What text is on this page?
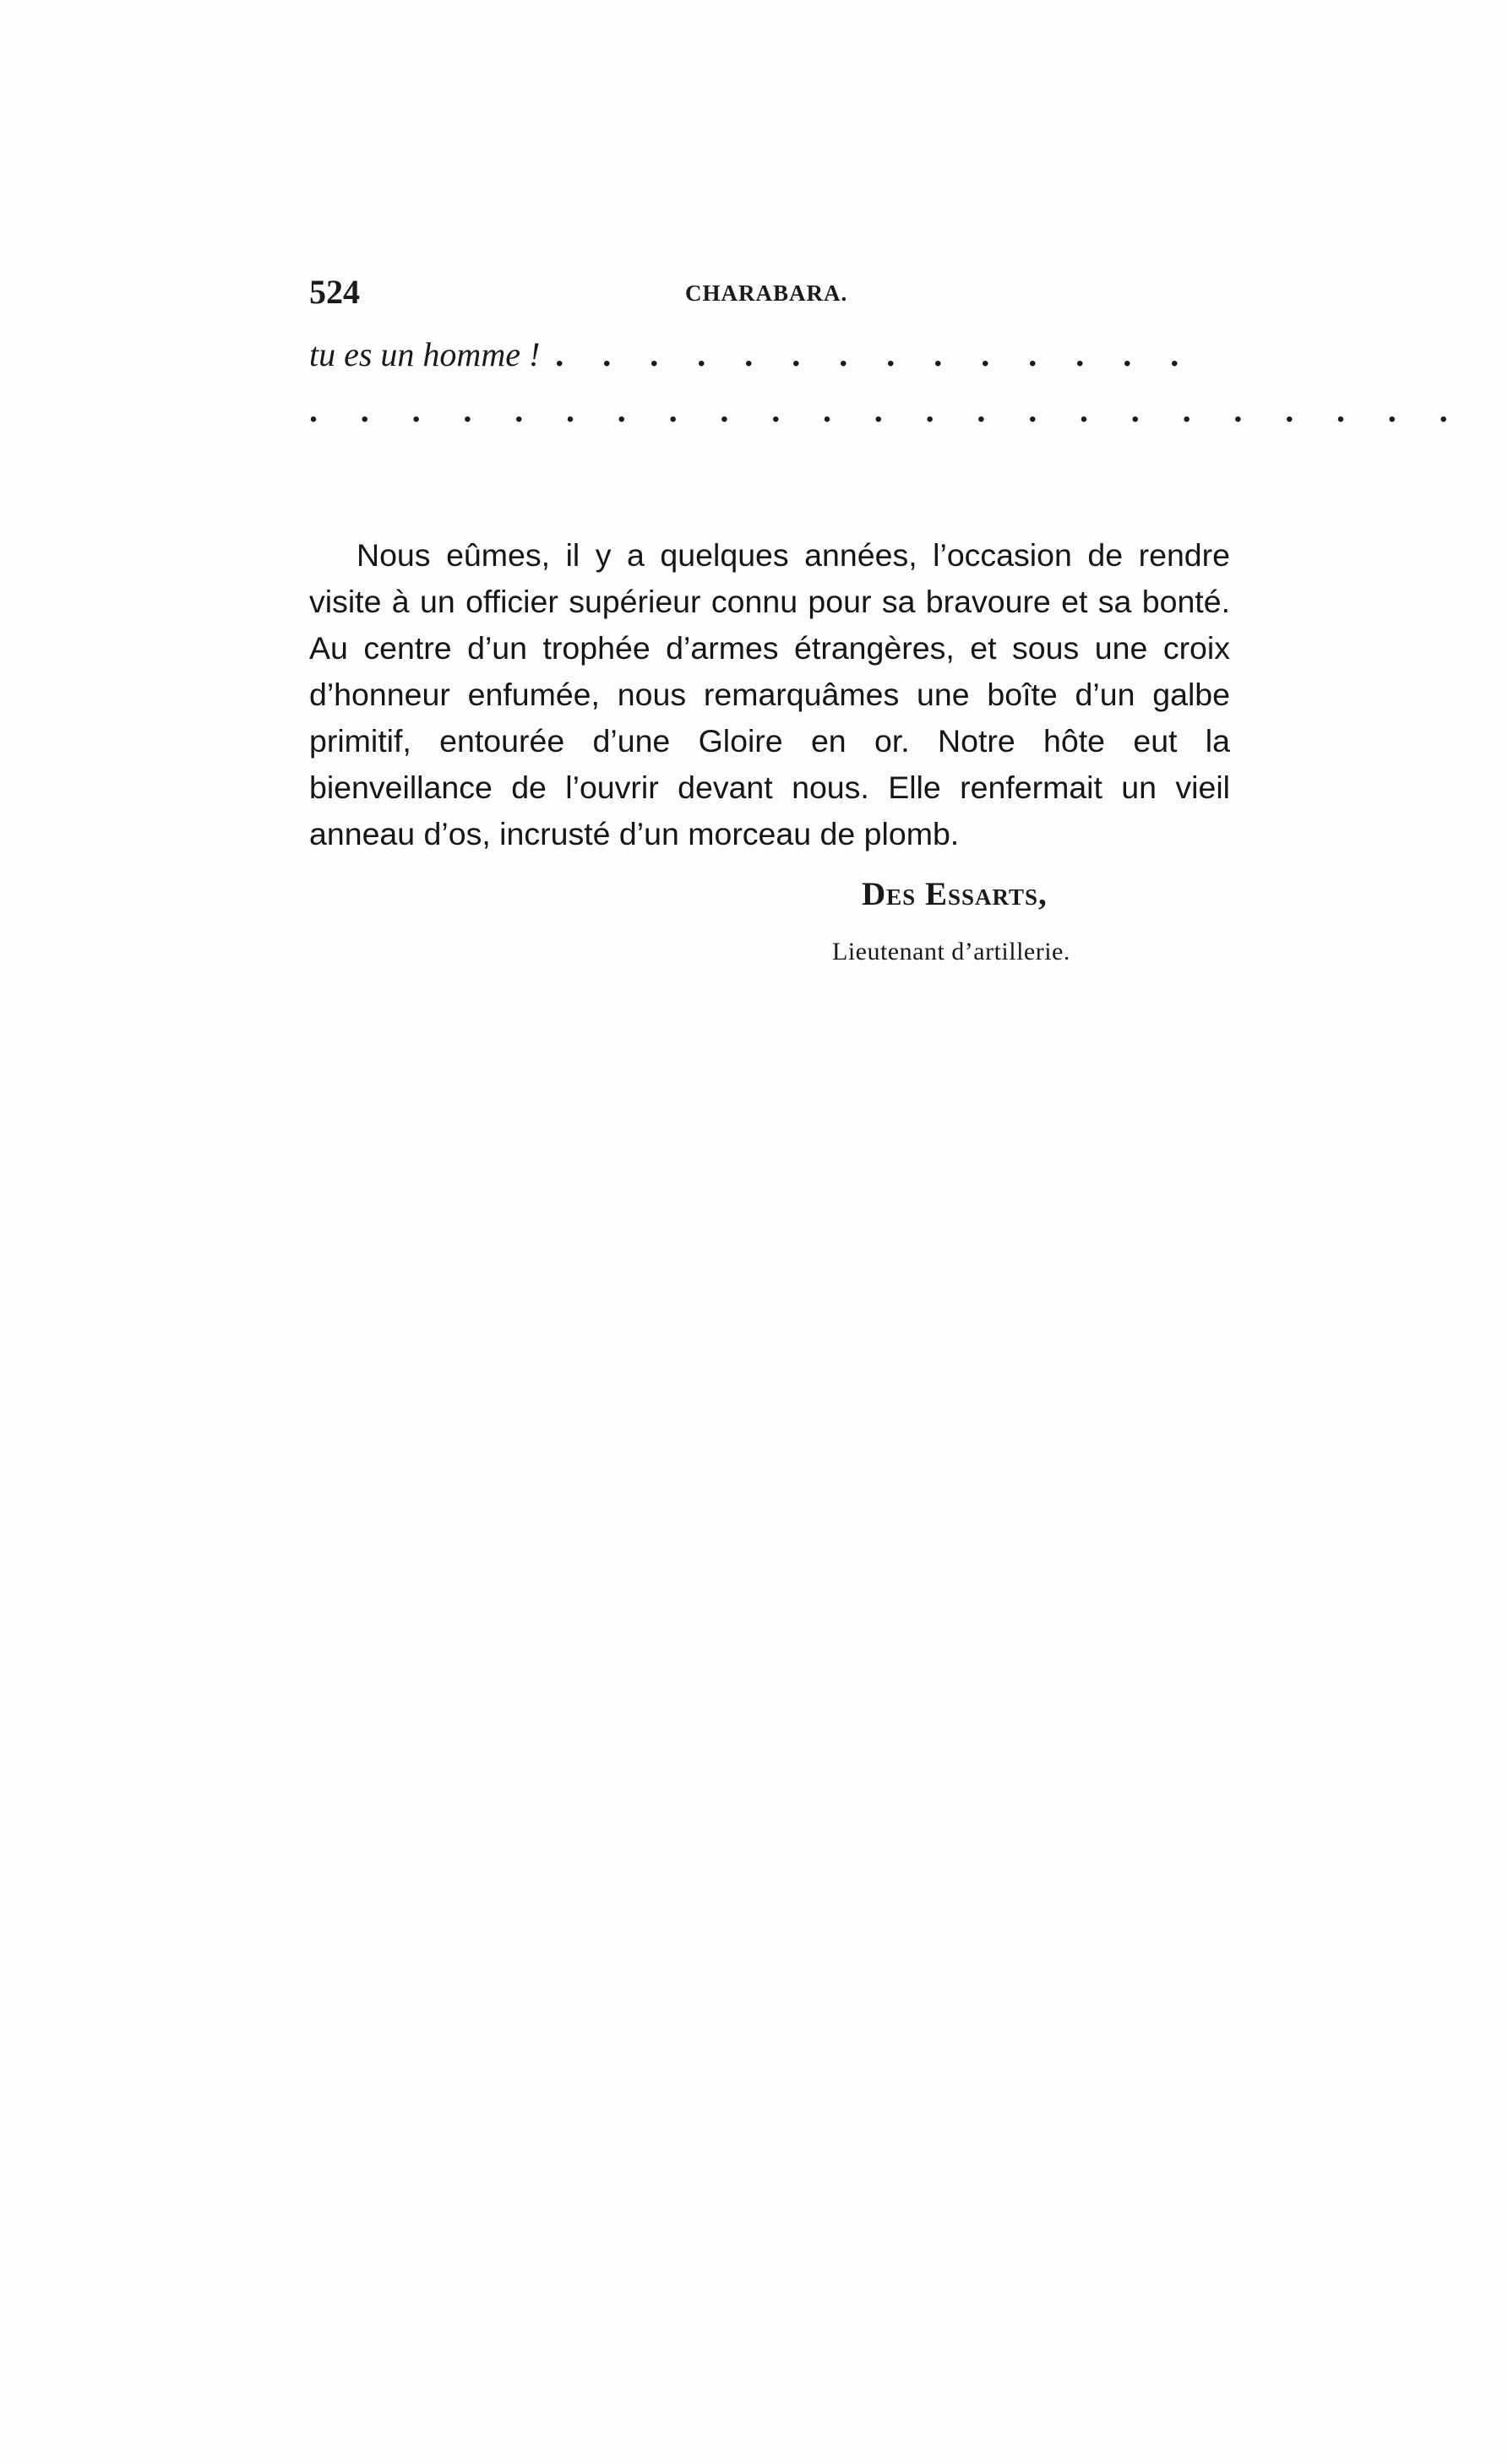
524	CHARABARA.
tu es un homme ! . . . . . . . . . . . . . .
. . . . . . . . . . . . . . . . . . . . . . .

Nous eûmes, il y a quelques années, l’occasion de rendre visite à un officier supérieur connu pour sa bravoure et sa bonté. Au centre d’un trophée d’armes étrangères, et sous une croix d’honneur enfumée, nous remarquâmes une boîte d’un galbe primitif, entourée d’une Gloire en or. Notre hôte eut la bienveillance de l’ouvrir devant nous. Elle renfermait un vieil anneau d’os, incrusté d’un morceau de plomb.

Des Essarts,
Lieutenant d’artillerie.
